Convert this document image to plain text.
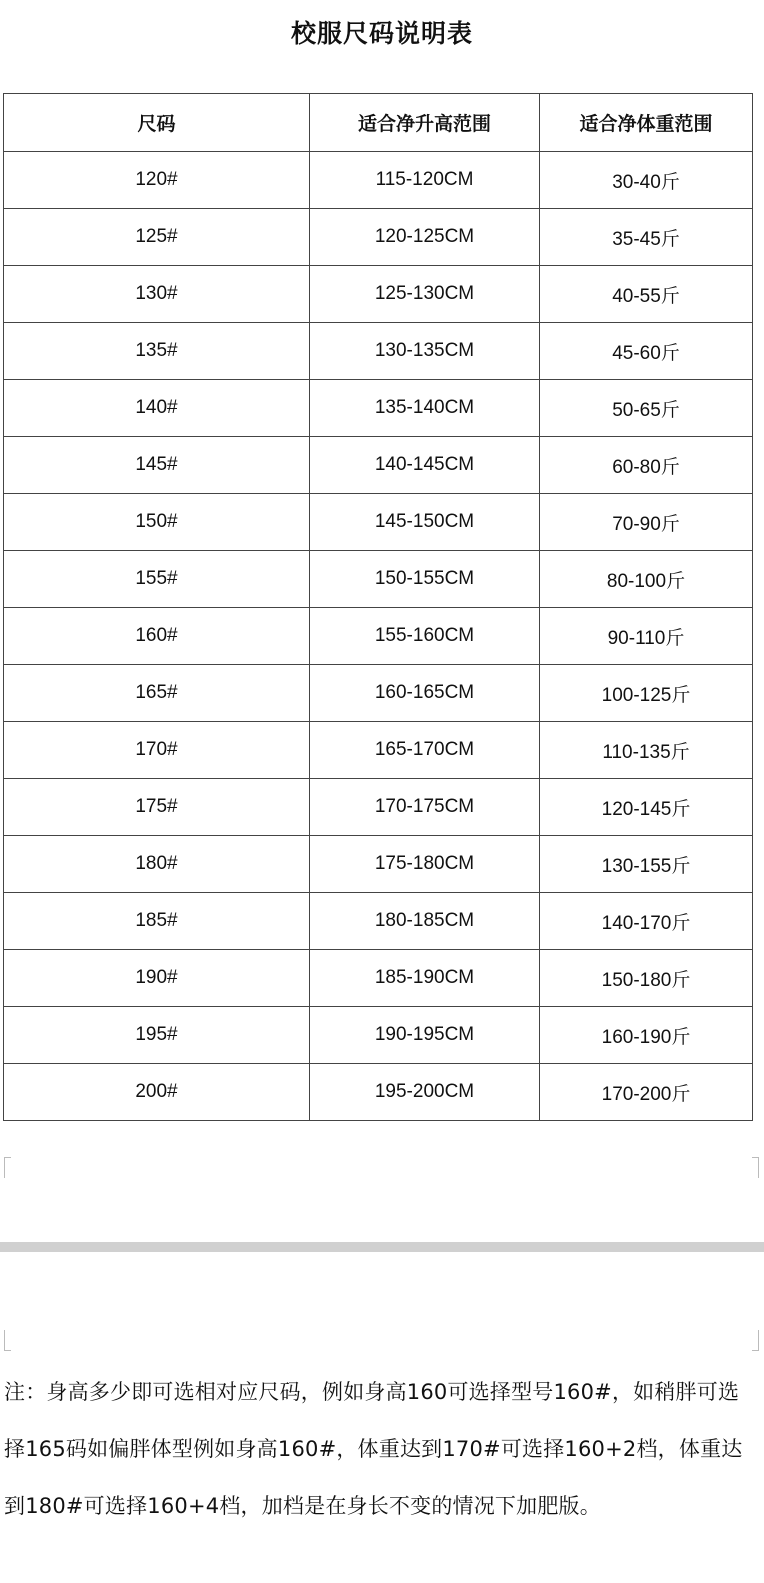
校服尺码说明表
尺码	适合净升高范围	适合净体重范围
120#	115-120CM	30-40斤
125#	120-125CM	35-45斤
130#	125-130CM	40-55斤
135#	130-135CM	45-60斤
140#	135-140CM	50-65斤
145#	140-145CM	60-80斤
150#	145-150CM	70-90斤
155#	150-155CM	80-100斤
160#	155-160CM	90-110斤
165#	160-165CM	100-125斤
170#	165-170CM	110-135斤
175#	170-175CM	120-145斤
180#	175-180CM	130-155斤
185#	180-185CM	140-170斤
190#	185-190CM	150-180斤
195#	190-195CM	160-190斤
200#	195-200CM	170-200斤
注：身高多少即可选相对应尺码，例如身高160可选择型号160#，如稍胖可选择165码如偏胖体型例如身高160#，体重达到170#可选择160+2档，体重达到180#可选择160+4档，加档是在身长不变的情况下加肥版。
